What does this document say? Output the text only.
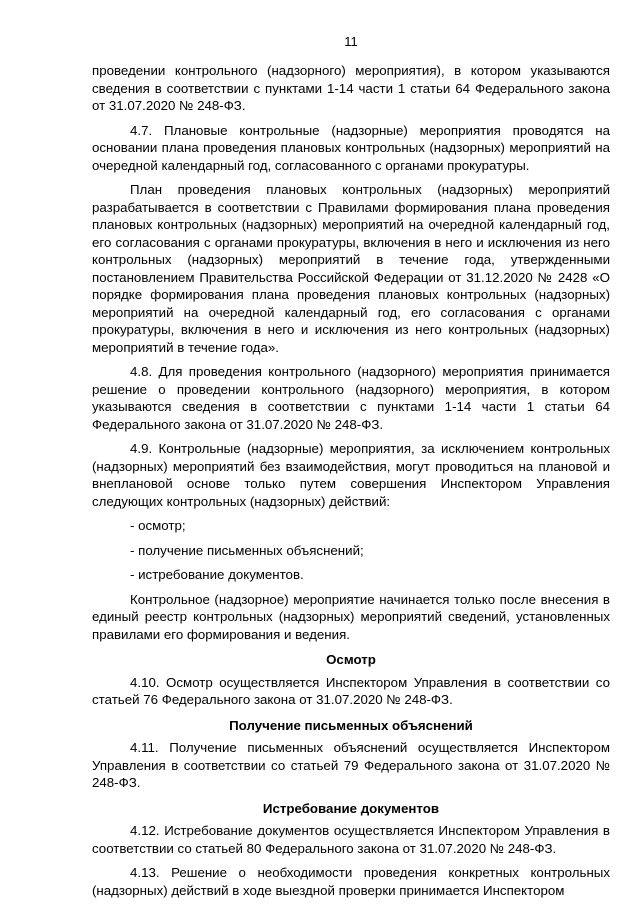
11

проведении контрольного (надзорного) мероприятия), в котором указываются сведения в соответствии с пунктами 1-14 части 1 статьи 64 Федерального закона от 31.07.2020 № 248-ФЗ.

4.7. Плановые контрольные (надзорные) мероприятия проводятся на основании плана проведения плановых контрольных (надзорных) мероприятий на очередной календарный год, согласованного с органами прокуратуры.

План проведения плановых контрольных (надзорных) мероприятий разрабатывается в соответствии с Правилами формирования плана проведения плановых контрольных (надзорных) мероприятий на очередной календарный год, его согласования с органами прокуратуры, включения в него и исключения из него контрольных (надзорных) мероприятий в течение года, утвержденными постановлением Правительства Российской Федерации от 31.12.2020 № 2428 «О порядке формирования плана проведения плановых контрольных (надзорных) мероприятий на очередной календарный год, его согласования с органами прокуратуры, включения в него и исключения из него контрольных (надзорных) мероприятий в течение года».

4.8. Для проведения контрольного (надзорного) мероприятия принимается решение о проведении контрольного (надзорного) мероприятия, в котором указываются сведения в соответствии с пунктами 1-14 части 1 статьи 64 Федерального закона от 31.07.2020 № 248-ФЗ.

4.9. Контрольные (надзорные) мероприятия, за исключением контрольных (надзорных) мероприятий без взаимодействия, могут проводиться на плановой и внеплановой основе только путем совершения Инспектором Управления следующих контрольных (надзорных) действий:

- осмотр;
- получение письменных объяснений;
- истребование документов.

Контрольное (надзорное) мероприятие начинается только после внесения в единый реестр контрольных (надзорных) мероприятий сведений, установленных правилами его формирования и ведения.

Осмотр

4.10. Осмотр осуществляется Инспектором Управления в соответствии со статьей 76 Федерального закона от 31.07.2020 № 248-ФЗ.

Получение письменных объяснений

4.11. Получение письменных объяснений осуществляется Инспектором Управления в соответствии со статьей 79 Федерального закона от 31.07.2020 № 248-ФЗ.

Истребование документов

4.12. Истребование документов осуществляется Инспектором Управления в соответствии со статьей 80 Федерального закона от 31.07.2020 № 248-ФЗ.

4.13. Решение о необходимости проведения конкретных контрольных (надзорных) действий в ходе выездной проверки принимается Инспектором
